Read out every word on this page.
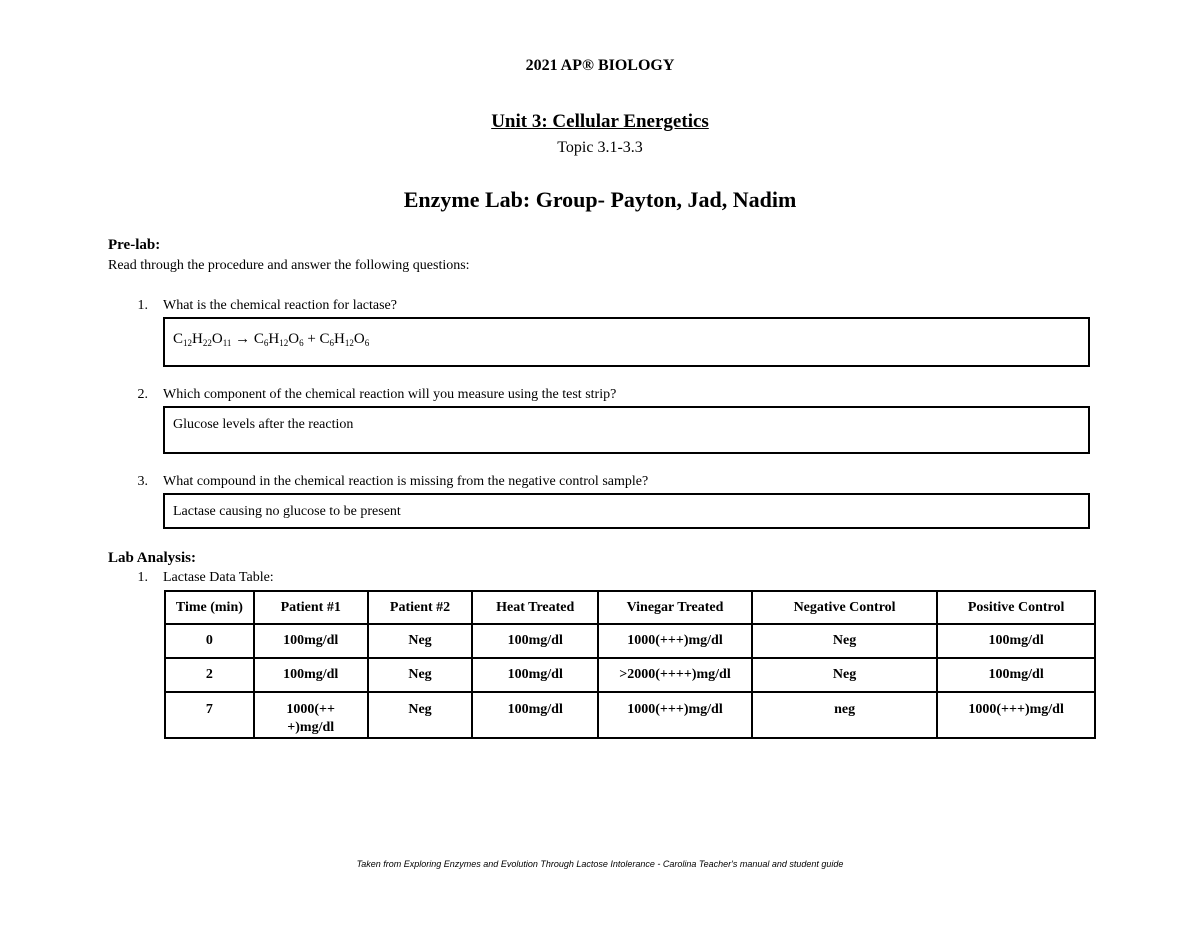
2021 AP® BIOLOGY
Unit 3: Cellular Energetics
Topic 3.1-3.3
Enzyme Lab: Group- Payton, Jad, Nadim
Pre-lab:
Read through the procedure and answer the following questions:
1. What is the chemical reaction for lactase?
$C_{12}H_{22}O_{11} \to C_6H_{12}O_6 + C_6H_{12}O_6$
2. Which component of the chemical reaction will you measure using the test strip?
Glucose levels after the reaction
3. What compound in the chemical reaction is missing from the negative control sample?
Lactase causing no glucose to be present
Lab Analysis:
1. Lactase Data Table:
Time (min)	Patient #1	Patient #2	Heat Treated	Vinegar Treated	Negative Control	Positive Control
0	100mg/dl	Neg	100mg/dl	1000(+++)mg/dl	Neg	100mg/dl
2	100mg/dl	Neg	100mg/dl	>2000(++++)mg/dl	Neg	100mg/dl
7	1000(++ +)mg/dl	Neg	100mg/dl	1000(+++)mg/dl	neg	1000(+++)mg/dl
Taken from Exploring Enzymes and Evolution Through Lactose Intolerance - Carolina Teacher's manual and student guide
